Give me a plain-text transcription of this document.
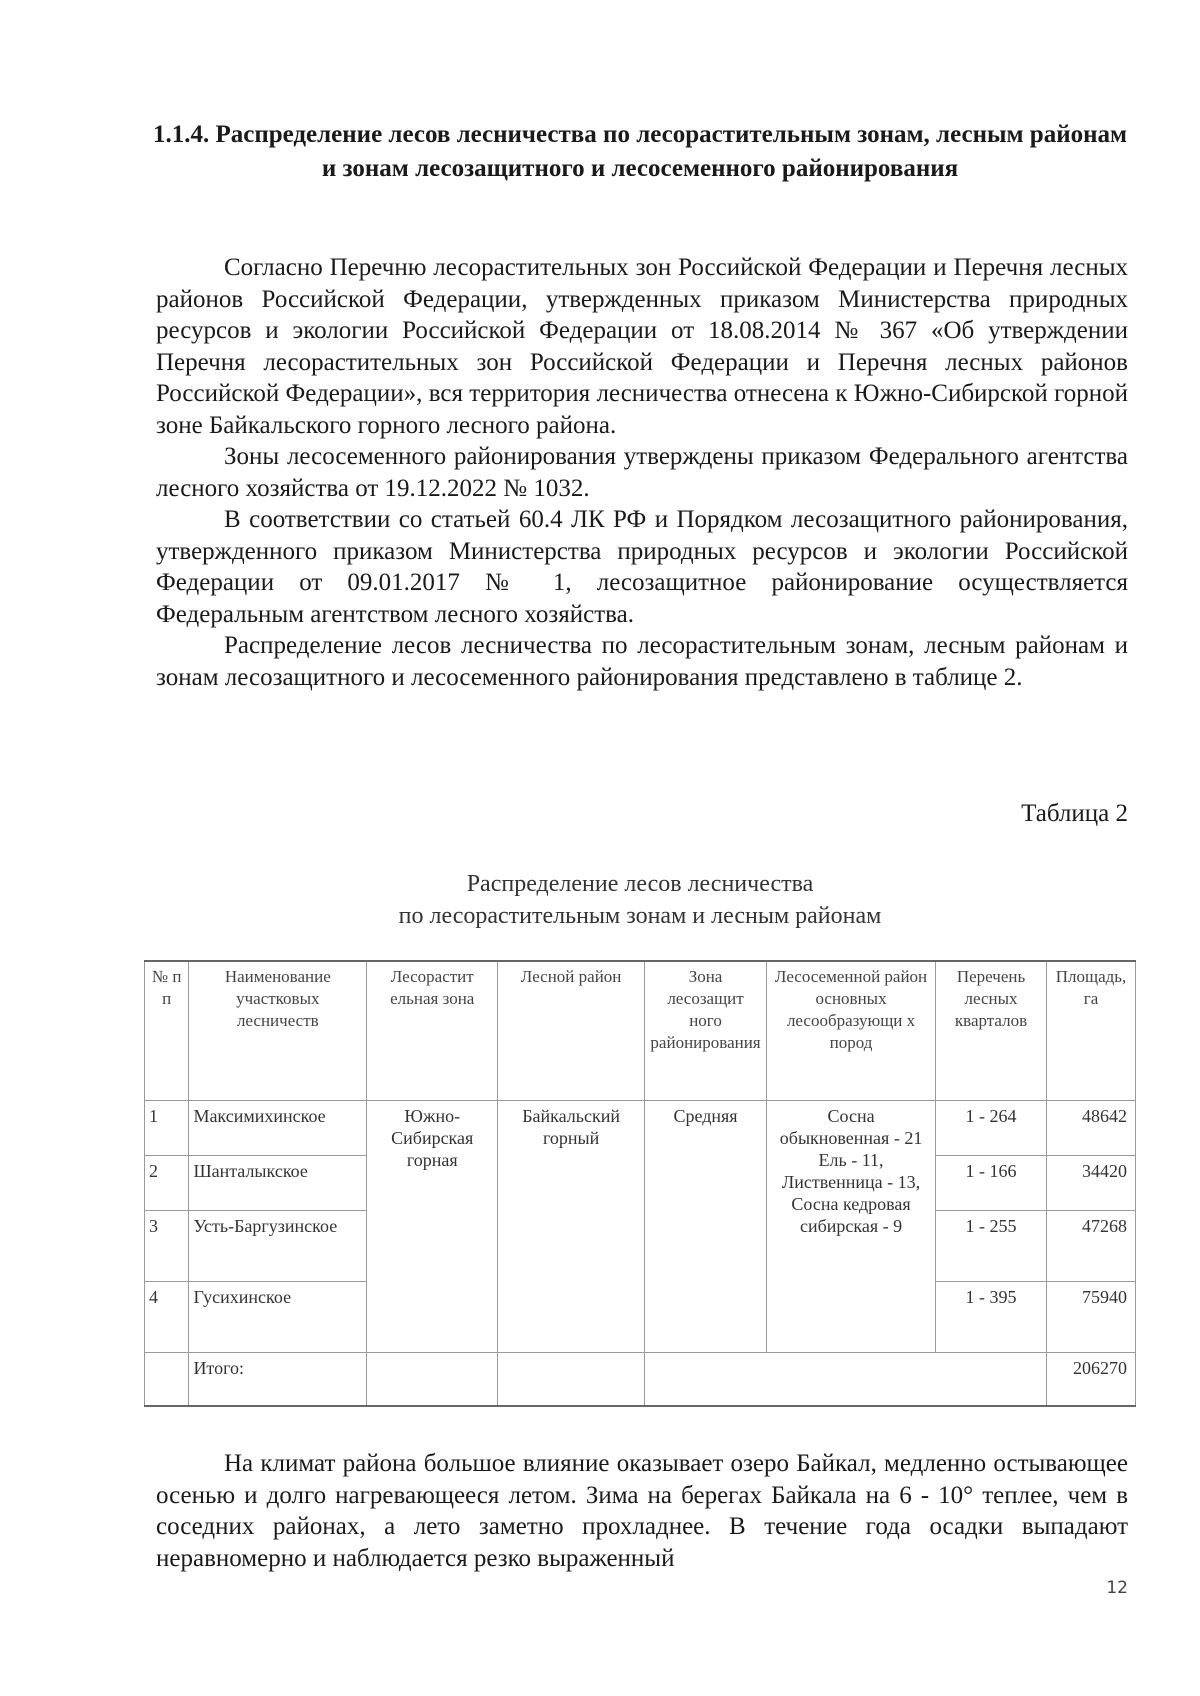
1.1.4. Распределение лесов лесничества по лесорастительным зонам, лесным районам и зонам лесозащитного и лесосеменного районирования

Согласно Перечню лесорастительных зон Российской Федерации и Перечня лесных районов Российской Федерации, утвержденных приказом Министерства природных ресурсов и экологии Российской Федерации от 18.08.2014 № 367 «Об утверждении Перечня лесорастительных зон Российской Федерации и Перечня лесных районов Российской Федерации», вся территория лесничества отнесена к Южно-Сибирской горной зоне Байкальского горного лесного района.

Зоны лесосеменного районирования утверждены приказом Федерального агентства лесного хозяйства от 19.12.2022 № 1032.

В соответствии со статьей 60.4 ЛК РФ и Порядком лесозащитного районирования, утвержденного приказом Министерства природных ресурсов и экологии Российской Федерации от 09.01.2017 № 1, лесозащитное районирование осуществляется Федеральным агентством лесного хозяйства.

Распределение лесов лесничества по лесорастительным зонам, лесным районам и зонам лесозащитного и лесосеменного районирования представлено в таблице 2.

Таблица 2
Распределение лесов лесничества
по лесорастительным зонам и лесным районам
№ п п	Наименование участковых лесничеств	Лесорастит ельная зона	Лесной район	Зона лесозащит ного районирования	Лесосеменной район основных лесообразующи х пород	Перечень лесных кварталов	Площадь, га
1	Максимихинское	Южно-Сибирская горная	Байкальский горный	Средняя	Сосна обыкновенная - 21 Ель - 11, Лиственница - 13, Сосна кедровая сибирская - 9	1 - 264	48642
2	Шанталыкское					1 - 166	34420
3	Усть-Баргузинское					1 - 255	47268
4	Гусихинское					1 - 395	75940
	Итого:						206270

На климат района большое влияние оказывает озеро Байкал, медленно остывающее осенью и долго нагревающееся летом. Зима на берегах Байкала на 6 - 10° теплее, чем в соседних районах, а лето заметно прохладнее. В течение года осадки выпадают неравномерно и наблюдается резко выраженный

12
